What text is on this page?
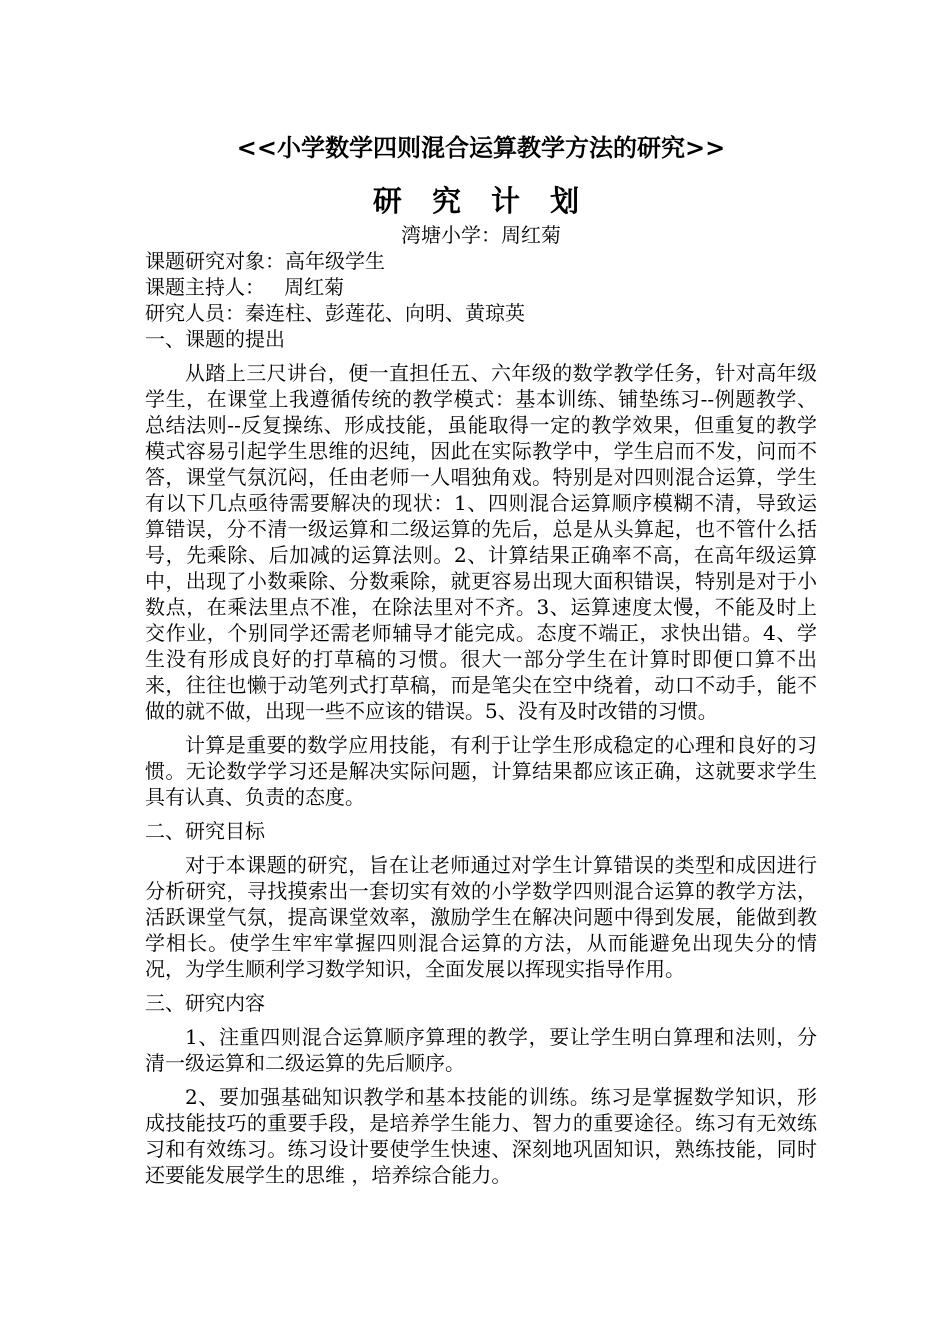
<<小学数学四则混合运算教学方法的研究>>
研 究 计 划

湾塘小学：周红菊

课题研究对象：高年级学生

课题主持人：   周红菊

研究人员：秦连柱、彭莲花、向明、黄琼英

一、课题的提出

从踏上三尺讲台，便一直担任五、六年级的数学教学任务，针对高年级学生，在课堂上我遵循传统的教学模式：基本训练、铺垫练习--例题教学、总结法则--反复操练、形成技能，虽能取得一定的教学效果，但重复的教学模式容易引起学生思维的迟纯，因此在实际教学中，学生启而不发，问而不答，课堂气氛沉闷，任由老师一人唱独角戏。特别是对四则混合运算，学生有以下几点亟待需要解决的现状：1、四则混合运算顺序模糊不清，导致运算错误，分不清一级运算和二级运算的先后，总是从头算起，也不管什么括号，先乘除、后加减的运算法则。2、计算结果正确率不高，在高年级运算中，出现了小数乘除、分数乘除，就更容易出现大面积错误，特别是对于小数点，在乘法里点不准，在除法里对不齐。3、运算速度太慢，不能及时上交作业，个别同学还需老师辅导才能完成。态度不端正，求快出错。4、学生没有形成良好的打草稿的习惯。很大一部分学生在计算时即便口算不出来，往往也懒于动笔列式打草稿，而是笔尖在空中绕着，动口不动手，能不做的就不做，出现一些不应该的错误。5、没有及时改错的习惯。

计算是重要的数学应用技能，有利于让学生形成稳定的心理和良好的习惯。无论数学学习还是解决实际问题，计算结果都应该正确，这就要求学生具有认真、负责的态度。

二、研究目标

对于本课题的研究，旨在让老师通过对学生计算错误的类型和成因进行分析研究，寻找摸索出一套切实有效的小学数学四则混合运算的教学方法，活跃课堂气氛，提高课堂效率，激励学生在解决问题中得到发展，能做到教学相长。使学生牢牢掌握四则混合运算的方法，从而能避免出现失分的情况，为学生顺利学习数学知识，全面发展以挥现实指导作用。

三、研究内容

1、注重四则混合运算顺序算理的教学，要让学生明白算理和法则，分清一级运算和二级运算的先后顺序。

2、要加强基础知识教学和基本技能的训练。练习是掌握数学知识，形成技能技巧的重要手段，是培养学生能力、智力的重要途径。练习有无效练习和有效练习。练习设计要使学生快速、深刻地巩固知识，熟练技能，同时还要能发展学生的思维 ，培养综合能力。
